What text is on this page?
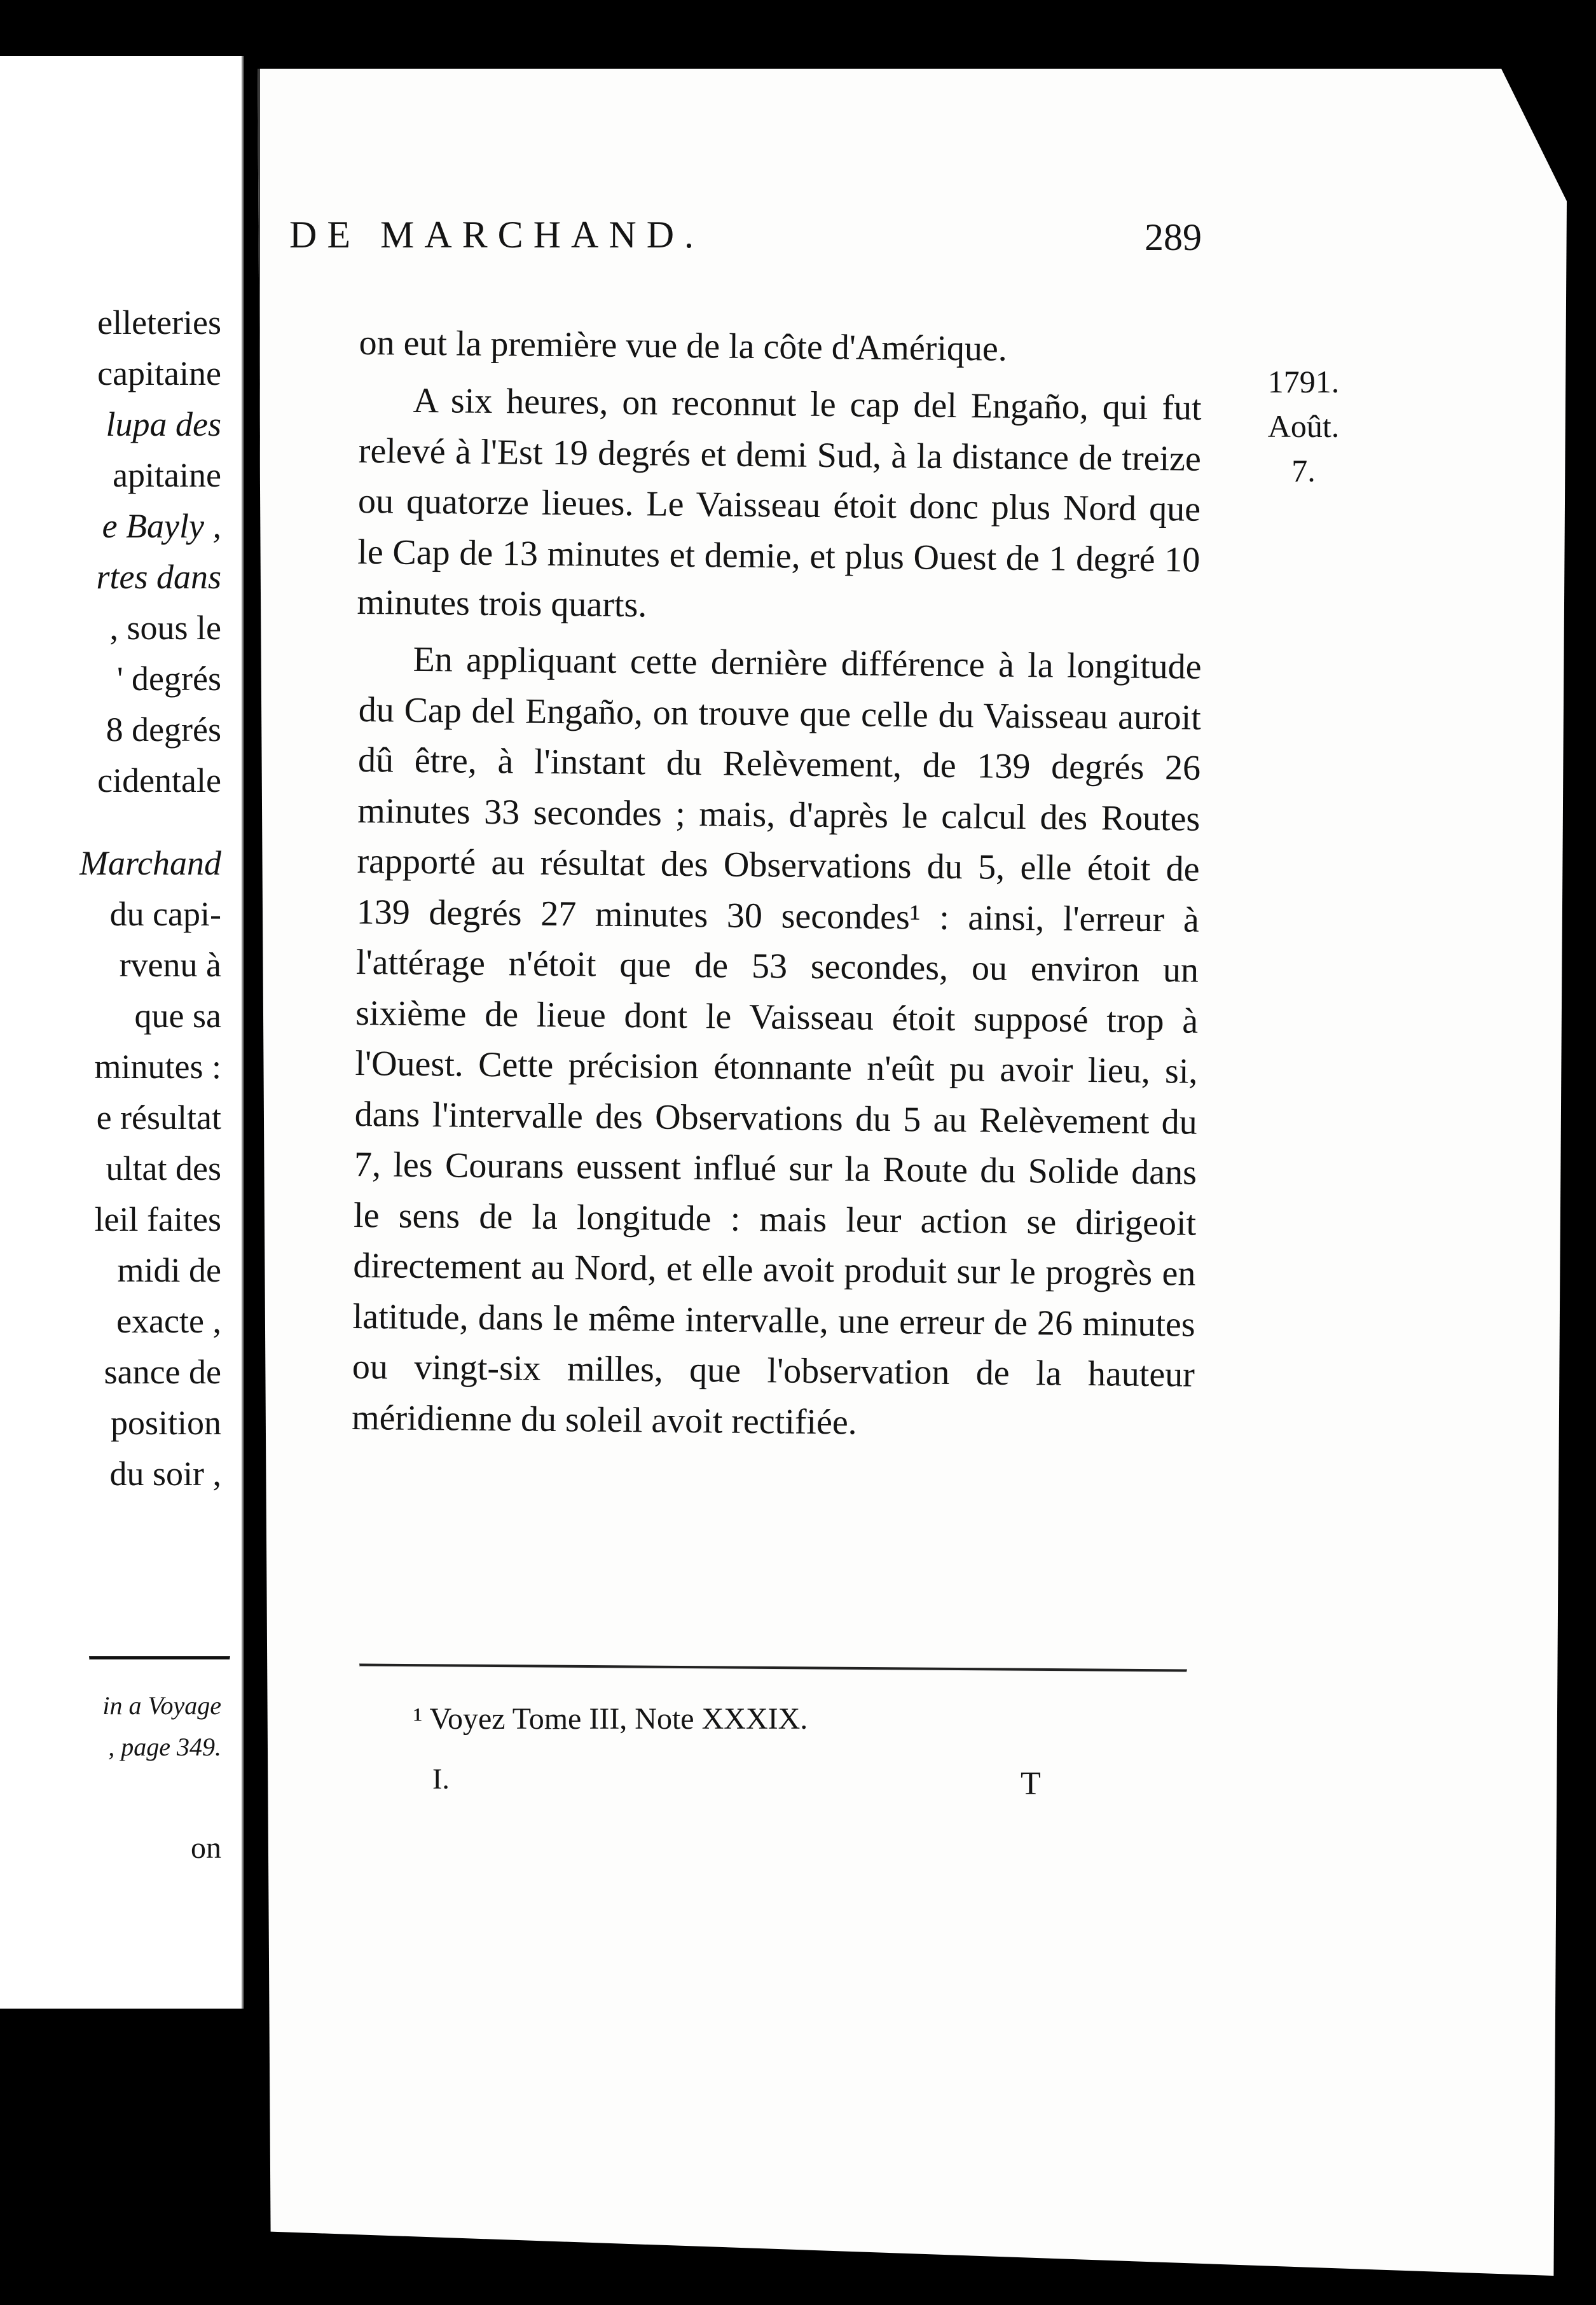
in a Voyage

, page 349.

on

elleteries

capitaine

lupa des

apitaine

e Bayly ,

rtes dans

, sous le

' degrés

8 degrés

cidentale

Marchand

du capi-

rvenu à

que sa

minutes :

e résultat

ultat des

leil faites

midi de

exacte ,

sance de

position

du soir ,

DE MARCHAND.	289

1791.
Août.
7.

on eut la première vue de la côte d'Amérique.

A six heures, on reconnut le cap del Engaño, qui fut relevé à l'Est 19 degrés et demi Sud, à la distance de treize ou quatorze lieues. Le Vaisseau étoit donc plus Nord que le Cap de 13 minutes et demie, et plus Ouest de 1 degré 10 minutes trois quarts.

En appliquant cette dernière différence à la longitude du Cap del Engaño, on trouve que celle du Vaisseau auroit dû être, à l'instant du Relèvement, de 139 degrés 26 minutes 33 secondes ; mais, d'après le calcul des Routes rapporté au résultat des Observations du 5, elle étoit de 139 degrés 27 minutes 30 secondes¹ : ainsi, l'erreur à l'attérage n'étoit que de 53 secondes, ou environ un sixième de lieue dont le Vaisseau étoit supposé trop à l'Ouest. Cette précision étonnante n'eût pu avoir lieu, si, dans l'intervalle des Observations du 5 au Relèvement du 7, les Courans eussent influé sur la Route du Solide dans le sens de la longitude : mais leur action se dirigeoit directement au Nord, et elle avoit produit sur le progrès en latitude, dans le même intervalle, une erreur de 26 minutes ou vingt-six milles, que l'observation de la hauteur méridienne du soleil avoit rectifiée.

¹ Voyez Tome III, Note XXXIX.

I.	T
